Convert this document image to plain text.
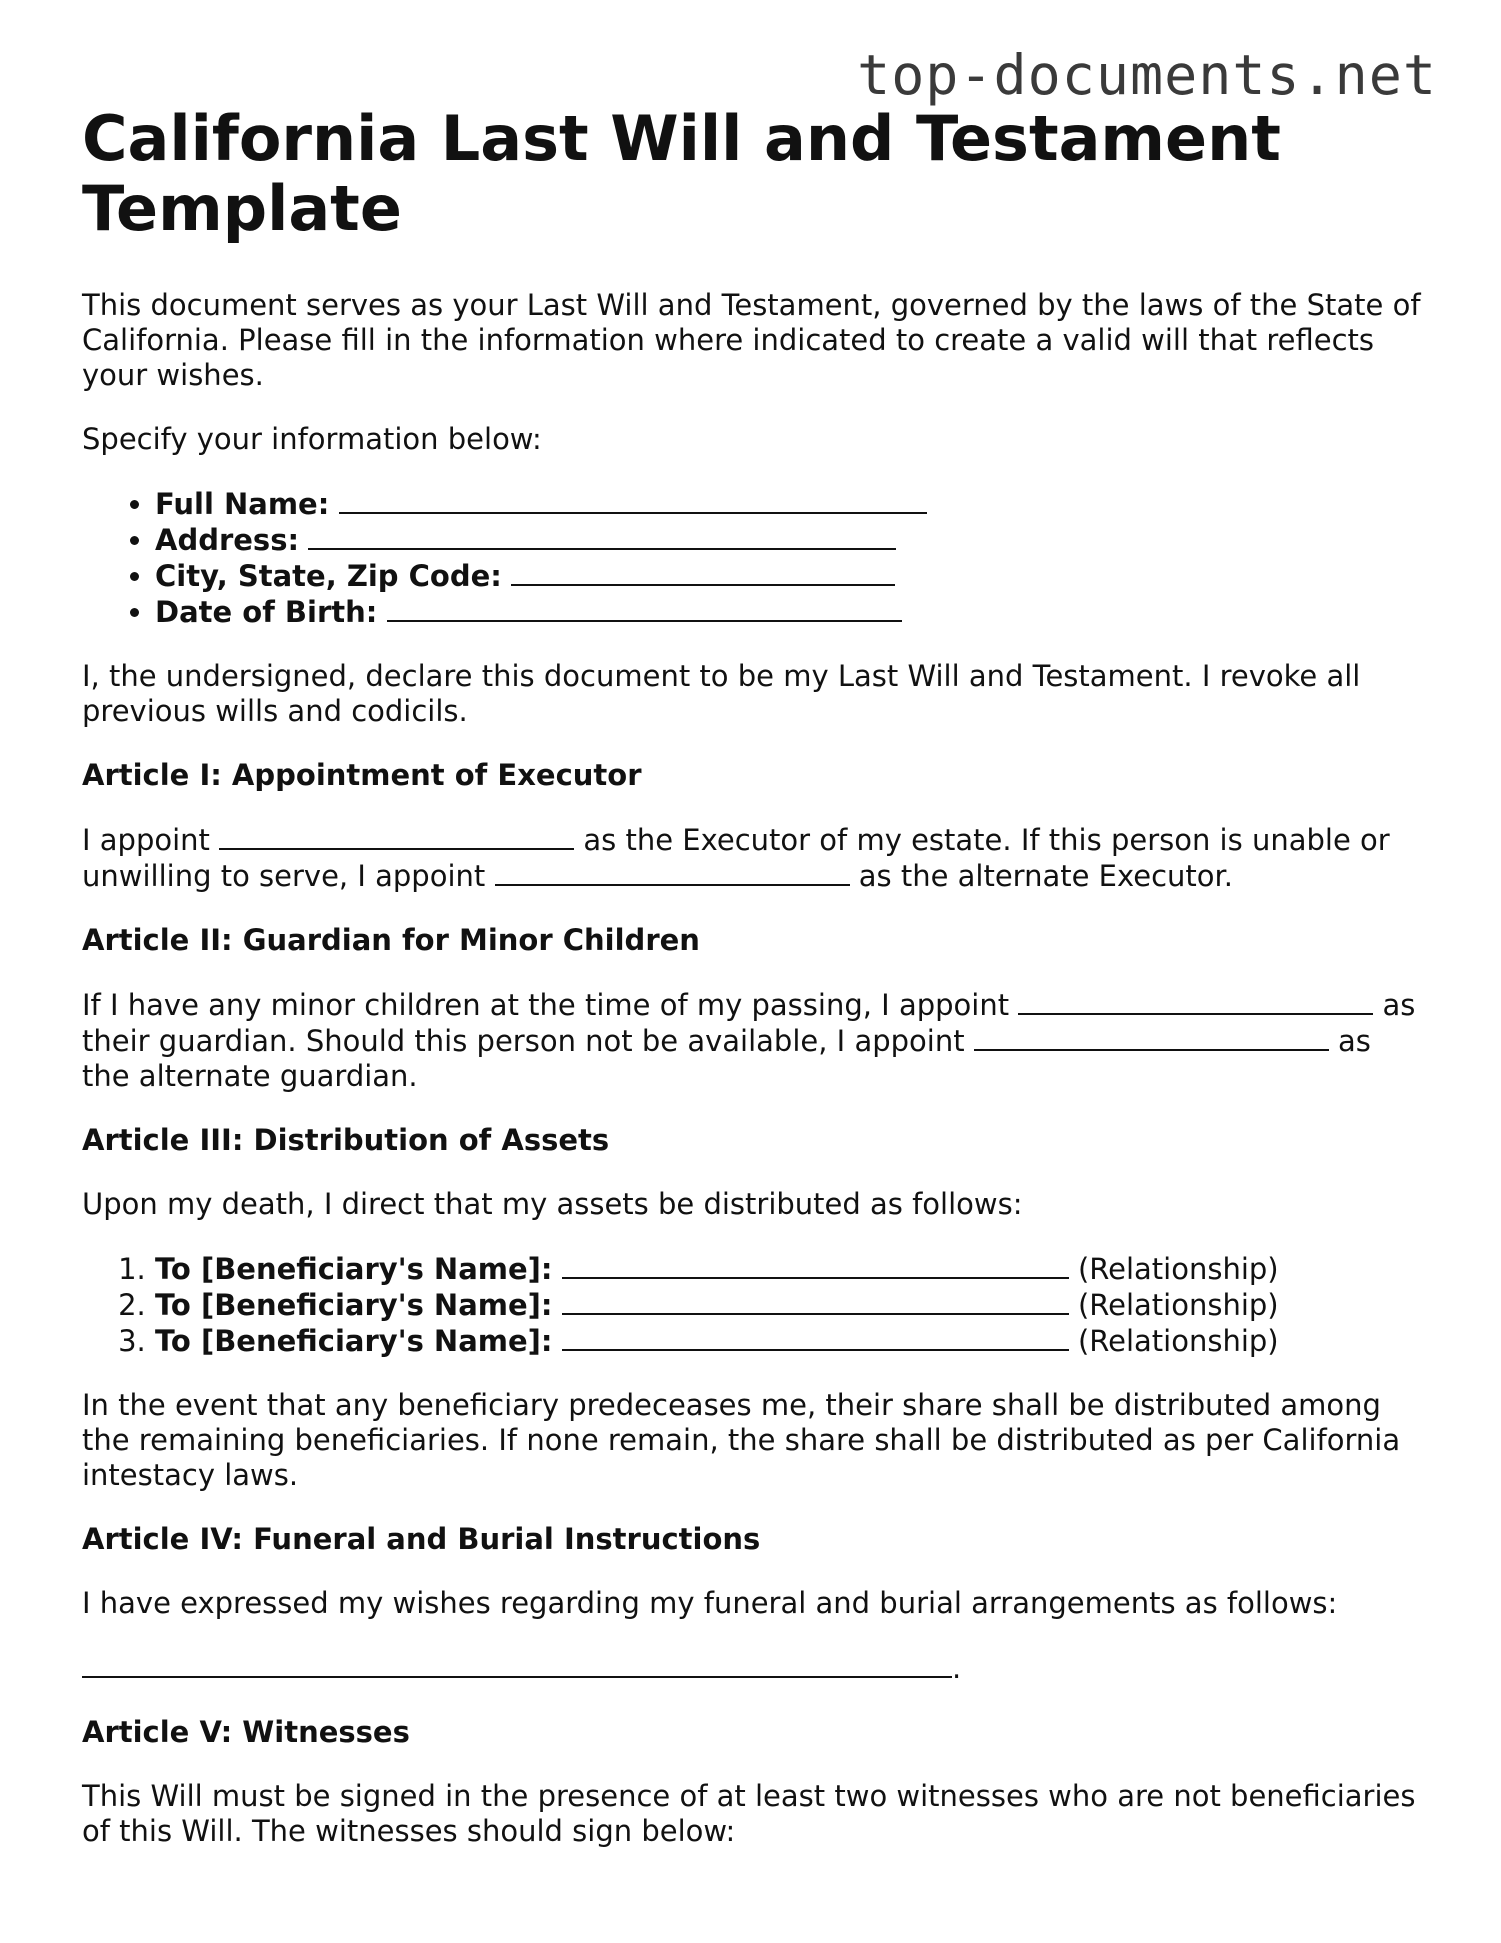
top-documents.net
California Last Will and Testament Template

This document serves as your Last Will and Testament, governed by the laws of the State of California. Please fill in the information where indicated to create a valid will that reflects your wishes.

Specify your information below:

• Full Name:
• Address:
• City, State, Zip Code:
• Date of Birth:

I, the undersigned, declare this document to be my Last Will and Testament. I revoke all previous wills and codicils.

Article I: Appointment of Executor

I appoint	as the Executor of my estate. If this person is unable or unwilling to serve, I appoint	as the alternate Executor.

Article II: Guardian for Minor Children

If I have any minor children at the time of my passing, I appoint	as their guardian. Should this person not be available, I appoint	as the alternate guardian.

Article III: Distribution of Assets

Upon my death, I direct that my assets be distributed as follows:

1. To [Beneficiary's Name]:	(Relationship)
2. To [Beneficiary's Name]:	(Relationship)
3. To [Beneficiary's Name]:	(Relationship)

In the event that any beneficiary predeceases me, their share shall be distributed among the remaining beneficiaries. If none remain, the share shall be distributed as per California intestacy laws.

Article IV: Funeral and Burial Instructions

I have expressed my wishes regarding my funeral and burial arrangements as follows:

.

Article V: Witnesses

This Will must be signed in the presence of at least two witnesses who are not beneficiaries of this Will. The witnesses should sign below:
